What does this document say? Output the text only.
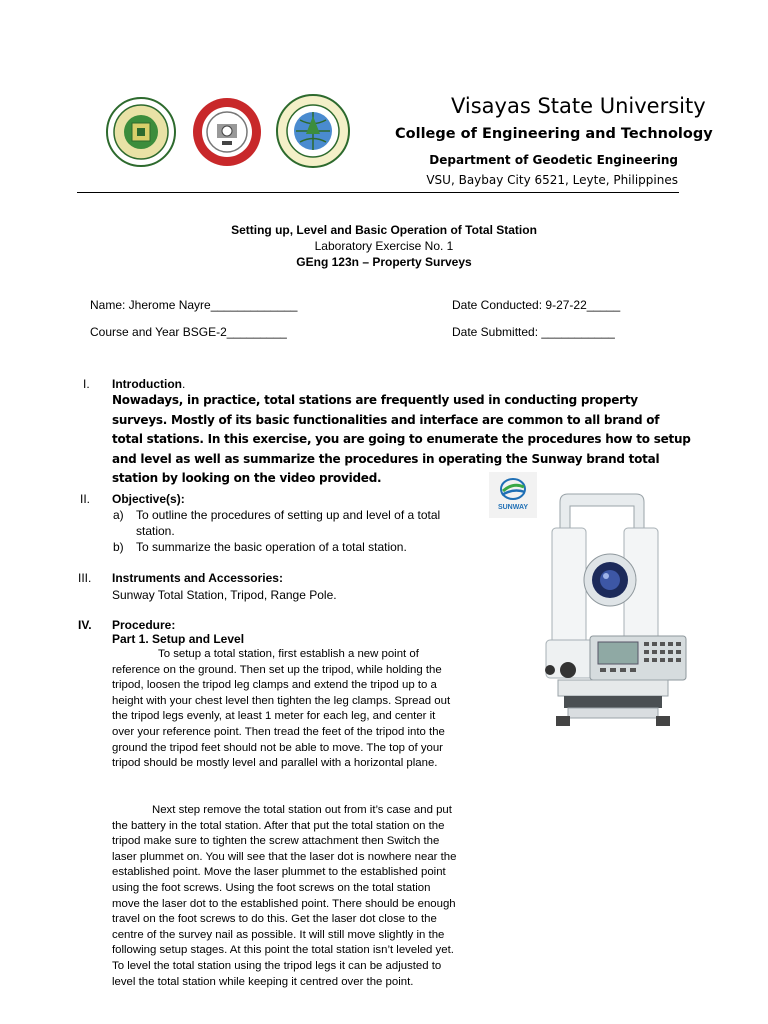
Visayas State University
College of Engineering and Technology
Department of Geodetic Engineering
VSU, Baybay City 6521, Leyte, Philippines
Setting up, Level and Basic Operation of Total Station
Laboratory Exercise No. 1
GEng 123n – Property Surveys
Name: Jherome Nayre_____________	Date Conducted: 9-27-22_____
Course and Year BSGE-2_________	Date Submitted: ___________
I. Introduction.
Nowadays, in practice, total stations are frequently used in conducting property surveys. Mostly of its basic functionalities and interface are common to all brand of total stations. In this exercise, you are going to enumerate the procedures how to setup and level as well as summarize the procedures in operating the Sunway brand total station by looking on the video provided.
II. Objective(s):
a) To outline the procedures of setting up and level of a total station.
b) To summarize the basic operation of a total station.
III. Instruments and Accessories:
Sunway Total Station, Tripod, Range Pole.
IV. Procedure:
Part 1. Setup and Level
To setup a total station, first establish a new point of reference on the ground. Then set up the tripod, while holding the tripod, loosen the tripod leg clamps and extend the tripod up to a height with your chest level then tighten the leg clamps. Spread out the tripod legs evenly, at least 1 meter for each leg, and center it over your reference point. Then tread the feet of the tripod into the ground the tripod feet should not be able to move. The top of your tripod should be mostly level and parallel with a horizontal plane.
Next step remove the total station out from it’s case and put the battery in the total station. After that put the total station on the tripod make sure to tighten the screw attachment then Switch the laser plummet on. You will see that the laser dot is nowhere near the established point. Move the laser plummet to the established point using the foot screws. Using the foot screws on the total station move the laser dot to the established point. There should be enough travel on the foot screws to do this. Get the laser dot close to the centre of the survey nail as possible. It will still move slightly in the following setup stages. At this point the total station isn’t leveled yet. To level the total station using the tripod legs it can be adjusted to level the total station while keeping it centred over the point.
SUNWAY
